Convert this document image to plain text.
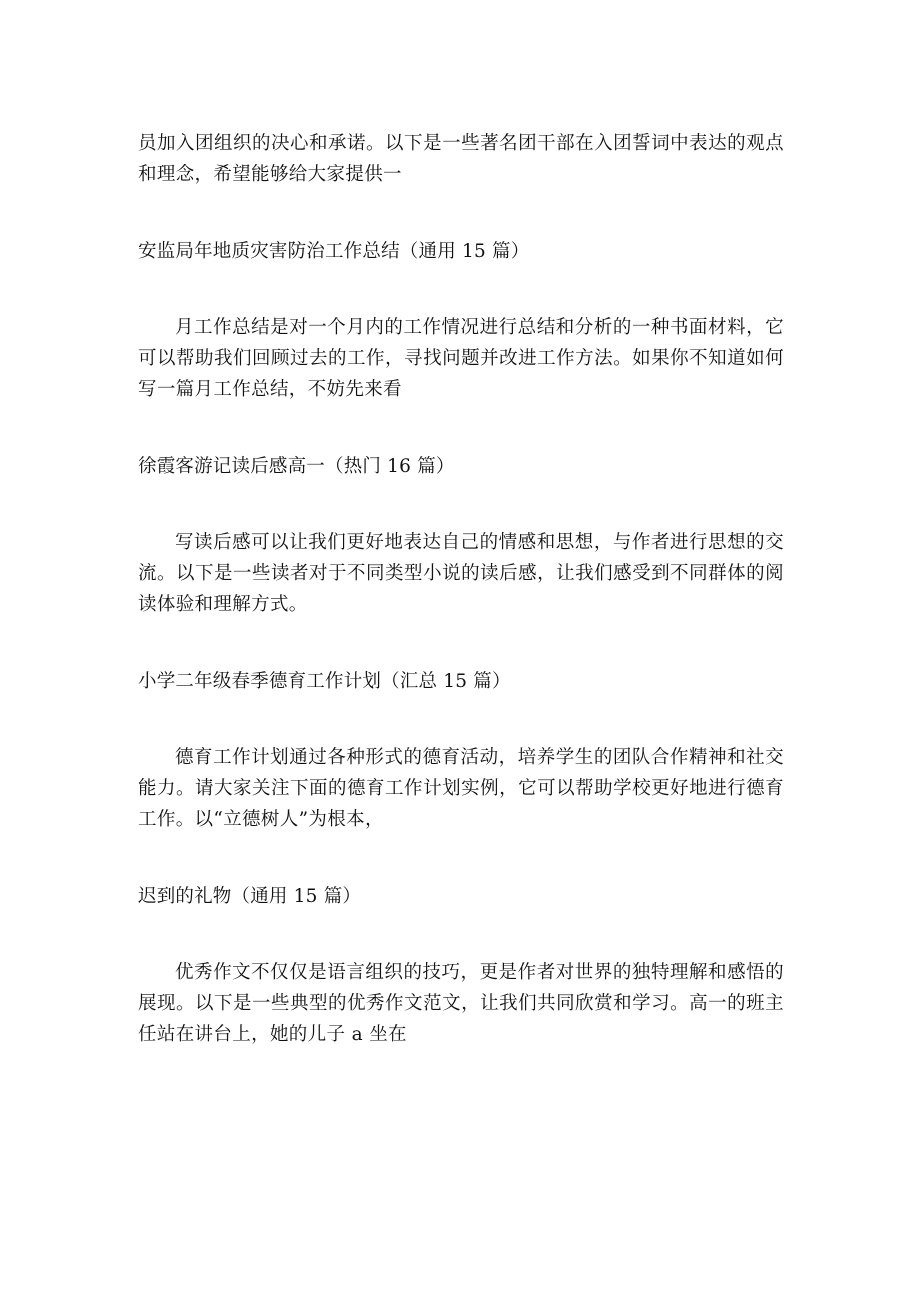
员加入团组织的决心和承诺。以下是一些著名团干部在入团誓词中表达的观点和理念，希望能够给大家提供一

安监局年地质灾害防治工作总结（通用 15 篇）

月工作总结是对一个月内的工作情况进行总结和分析的一种书面材料，它可以帮助我们回顾过去的工作，寻找问题并改进工作方法。如果你不知道如何写一篇月工作总结，不妨先来看

徐霞客游记读后感高一（热门 16 篇）

写读后感可以让我们更好地表达自己的情感和思想，与作者进行思想的交流。以下是一些读者对于不同类型小说的读后感，让我们感受到不同群体的阅读体验和理解方式。

小学二年级春季德育工作计划（汇总 15 篇）

德育工作计划通过各种形式的德育活动，培养学生的团队合作精神和社交能力。请大家关注下面的德育工作计划实例，它可以帮助学校更好地进行德育工作。以“立德树人”为根本，

迟到的礼物（通用 15 篇）

优秀作文不仅仅是语言组织的技巧，更是作者对世界的独特理解和感悟的展现。以下是一些典型的优秀作文范文，让我们共同欣赏和学习。高一的班主任站在讲台上，她的儿子 a 坐在
